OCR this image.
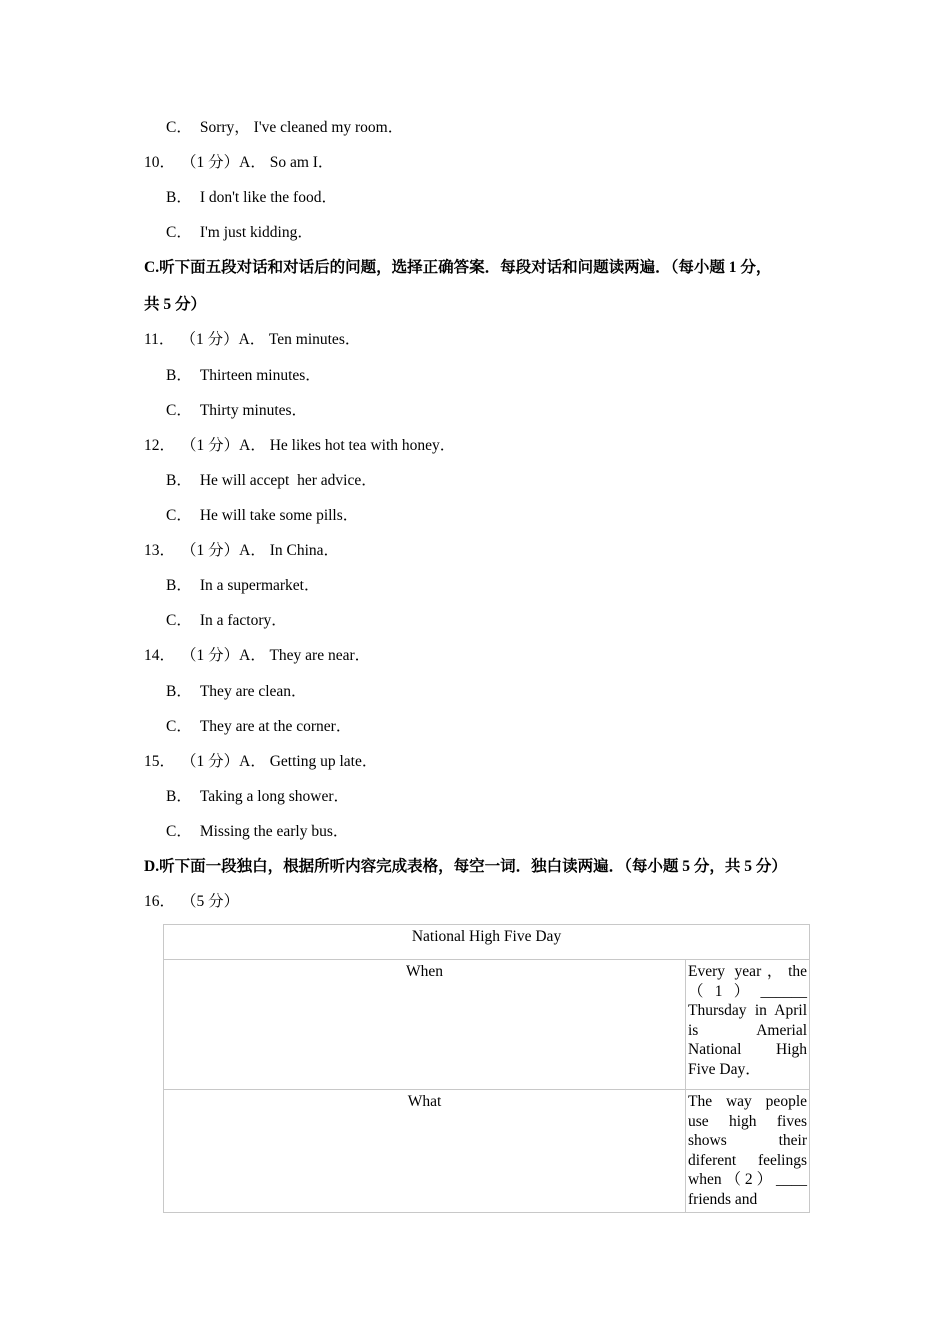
C． Sorry， I've cleaned my room．
10． （1 分）A． So am I．
B． I don't like the food．
C． I'm just kidding．
C.听下面五段对话和对话后的问题，选择正确答案．每段对话和问题读两遍．（每小题 1 分，
共 5 分）
11． （1 分）A． Ten minutes．
B． Thirteen minutes．
C． Thirty minutes．
12． （1 分）A． He likes hot tea with honey．
B． He will accept  her advice．
C． He will take some pills．
13． （1 分）A． In China．
B． In a supermarket．
C． In a factory．
14． （1 分）A． They are near．
B． They are clean．
C． They are at the corner．
15． （1 分）A． Getting up late．
B． Taking a long shower．
C． Missing the early bus．
D.听下面一段独白，根据所听内容完成表格，每空一词．独白读两遍．（每小题 5 分，共 5 分）
16． （5 分）
National High Five Day	
When	Every year，the（1）______ Thursday in April is Amerial National High Five Day．
What	The way people use high fives shows their diferent feelings when（2）____ friends and
